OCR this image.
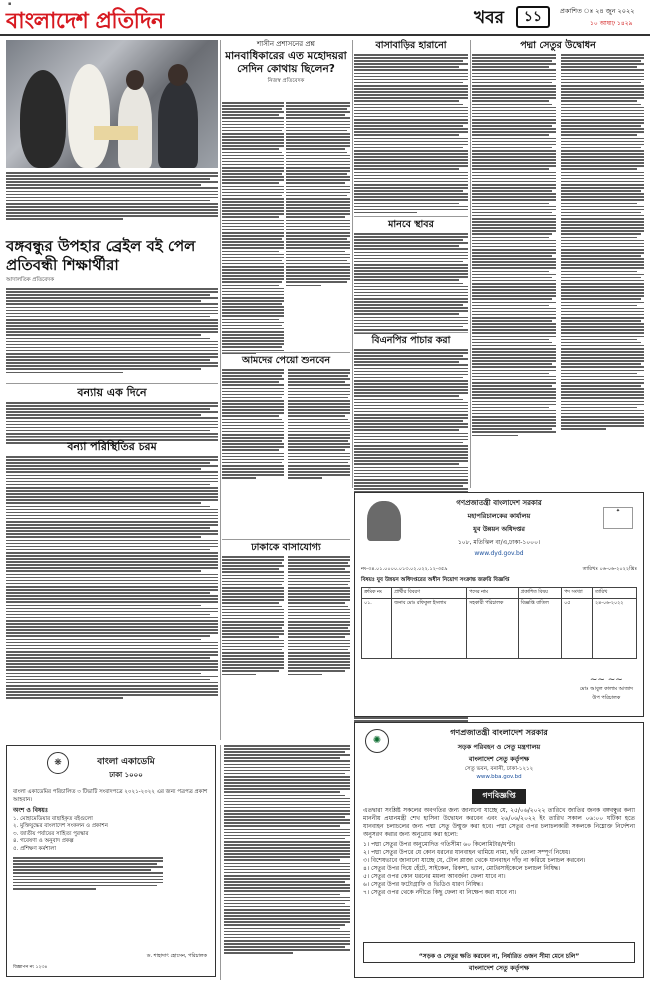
▪
বাংলাদেশ প্রতিদিন	খবর	১১	প্রকাশিত ঃ ২৪ জুন ২০২২
১০ আষাঢ় ১৪২৯
বঙ্গবন্ধুর উপহার ব্রেইল বই পেল প্রতিবন্ধী শিক্ষার্থীরা
আদালতিক প্রতিবেদক
বন্যায় এক দিনে
বন্যা পরিস্থিতির চরম
শাসীন প্রশাসনের প্রশ্ন
মানবাধিকারের এত মহোদয়রা সেদিন কোথায় ছিলেন?
নিজস্ব প্রতিবেদক
আমদের পেয়ো শুনবেন
ঢাকাকে বাসাযোগ্য
বাসাবাড়ির হারানো
মানবে স্থাবর
বিএনপির পাচার করা
পদ্মা সেতুর উদ্বোধন
✦
গণপ্রজাতন্ত্রী বাংলাদেশ সরকার
মহাপরিচালকের কার্যালয়
যুব উন্নয়ন অধিদপ্তর
১০৮, মতিঝিল বা/এ,ঢাকা-১০০০।
www.dyd.gov.bd
নং-৩৪.০১.০০০০.০১৩.০২.০২২.১২-৩৫৯	তারিখঃ ০৬-০৬-২০২২খ্রিঃ
বিষয়ঃ যুব উন্নয়ন অধিদপ্তরের অধীন নিয়োগ সংক্রান্ত জরুরি বিজ্ঞপ্তি
ক্রমিক নং	প্রার্থীর বিবরণ	পদের নাম	প্রকাশিত বিষয়	পদ সংখ্যা	তারিখ
০১.	জনাব মোঃ রফিকুল ইসলাম	সহকারী পরিচালক	বিজ্ঞপ্তি বাতিল	০৫	২৪-০৬-২০২২
~~ ~~
মোঃ আবুল কালাম আজাদ
উপ পরিচালক
❋	বাংলা একাডেমি
ঢাকা ১০০০
বাংলা একাডেমির পরিচালিত ৩ টিভাটি সংবাদপত্রে ২০২১-২০২২ এর জন্য পত্রপত্র প্রকাশ আহবান।
অংশ ও বিষয়ঃ
১. মোহামেডিয়ার বাছাইকৃত বইগুলো
২. মুক্তিযুদ্ধের বাংলাদেশ সংকলন ও প্রকাশন
৩. জাতীয় পর্যায়ের সাহিত্য পুরস্কার
৪. গবেষণা ও অনুবাদ প্রকল্প
৫. প্রশিক্ষণ কর্মশালা
ড. শাহাদাৎ হোসেন, পরিচালক
বিজ্ঞাপন নং ১২৩৪
✺
গণপ্রজাতন্ত্রী বাংলাদেশ সরকার
সড়ক পরিবহন ও সেতু মন্ত্রণালয়
বাংলাদেশ সেতু কর্তৃপক্ষ
সেতু ভবন, বনানী, ঢাকা-১২১২
www.bba.gov.bd
গণবিজ্ঞপ্তি
এতদ্বারা সংশ্লিষ্ট সকলের অবগতির জন্য জানানো যাচ্ছে যে, ২৫/০৬/২০২২ তারিখে জাতির জনক বঙ্গবন্ধুর কন্যা মাননীয় প্রধানমন্ত্রী শেখ হাসিনা উদ্বোধন করবেন এবং ২৬/০৬/২০২২ ইং তারিখ সকাল ০৬:০০ ঘটিকা হতে যানবাহন চলাচলের জন্য পদ্মা সেতু উন্মুক্ত করা হবে। পদ্মা সেতুর ওপর চলাচলকারী সকলকে নিম্নোক্ত নির্দেশনা অনুসরণ করার জন্য অনুরোধ করা হলো:
১। পদ্মা সেতুর উপর অনুমোদিত গতিসীমা ৬০ কিলোমিটার/ঘণ্টা।
২। পদ্মা সেতুর উপরে যে কোন ধরনের যানবাহন থামিয়ে নামা, ছবি তোলা সম্পূর্ণ নিষেধ।
৩। বিশেষভাবে জানানো যাচ্ছে যে, টোল প্লাজা থেকে যানবাহন দাঁড় না করিয়ে চলাচল করবেন।
৪। সেতুর উপর দিয়ে হেঁটে, সাইকেল, রিকশা, ভ্যান, মোটরসাইকেলে চলাচল নিষিদ্ধ।
৫। সেতুর ওপর কোন ধরনের ময়লা আবর্জনা ফেলা যাবে না।
৬। সেতুর উপর ফটোগ্রাফি ও ভিডিও ধারণ নিষিদ্ধ।
৭। সেতুর ওপর থেকে নদীতে কিছু ফেলা বা নিক্ষেপ করা যাবে না।
“সড়ক ও সেতুর ক্ষতি করবেন না, নির্ধারিত ওজন সীমা মেনে চলি”
বাংলাদেশ সেতু কর্তৃপক্ষ
